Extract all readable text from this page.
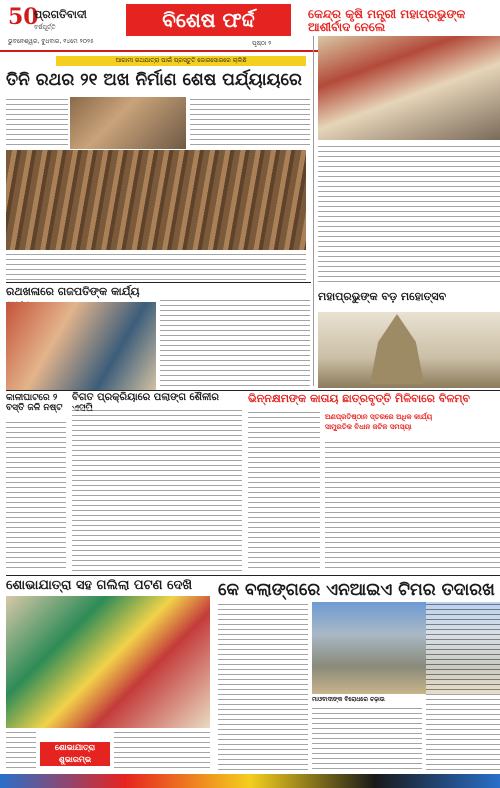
50
ପ୍ରଗତିବାଦୀ
ବର୍ଷପୂର୍ତ୍ତି
ଭୁବନେଶ୍ୱର, ବୁଧବାର, ୧୪ମେ ୨୦୨୫
ବିଶେଷ ଫର୍ଦ୍ଦ
ପୃଷ୍ଠା ୨
କେନ୍ଦ୍ର କୃଷି ମନ୍ତ୍ରୀ ମହାପ୍ରଭୁଙ୍କ ଆଶୀର୍ବାଦ ନେଲେ
ଆଗାମୀ ରଥଯାତ୍ରା ପାଇଁ ପ୍ରସ୍ତୁତି ଜୋରସୋରରେ ଚାଲିଛି
ତିନି ରଥର ୨୧ ଅଖ ନିର୍ମାଣ ଶେଷ ପର୍ଯ୍ୟାୟରେ
ରଥଖଳାରେ ଗଜପତିଙ୍କ କାର୍ଯ୍ୟ	ମହାପ୍ରଭୁଙ୍କ ବଡ଼ ମହୋତ୍ସବ
କାଳୀଘାଟରେ ୨ ବସ୍ତି ଜଳି ନଷ୍ଟ
ବିଗତ ପ୍ରକ୍ରିୟାରେ ପଲାଙ୍ଗ ଶୈଳୀର	ଭିନ୍ନକ୍ଷମଙ୍କ କାତାୟ ଛାତ୍ରବୃତ୍ତି ମିଳିବାରେ ବିଳମ୍ବ
ଅଣପ୍ରତିଷ୍ଠାନ ସ୍ତରରେ ଅଧିକ କାର୍ଯ୍ୟ
ସାମ୍ପ୍ରତିକ ବିଧାନ ଜଟିଳ ସମସ୍ୟା
ଶୋଭାଯାତ୍ରା ସହ ଗଲିଲା ପଟଣ ଦେଖି
ଶୋଭାଯାତ୍ରା ଶୁଭାରମ୍ଭ
କେ ବଲାଙ୍ଗରେ ଏନଆଇଏ ଟିମର ତଦାରଖ
ମାଓବାଦୀଙ୍କ ବିରୋଧରେ ଚଢ଼ାଉ
